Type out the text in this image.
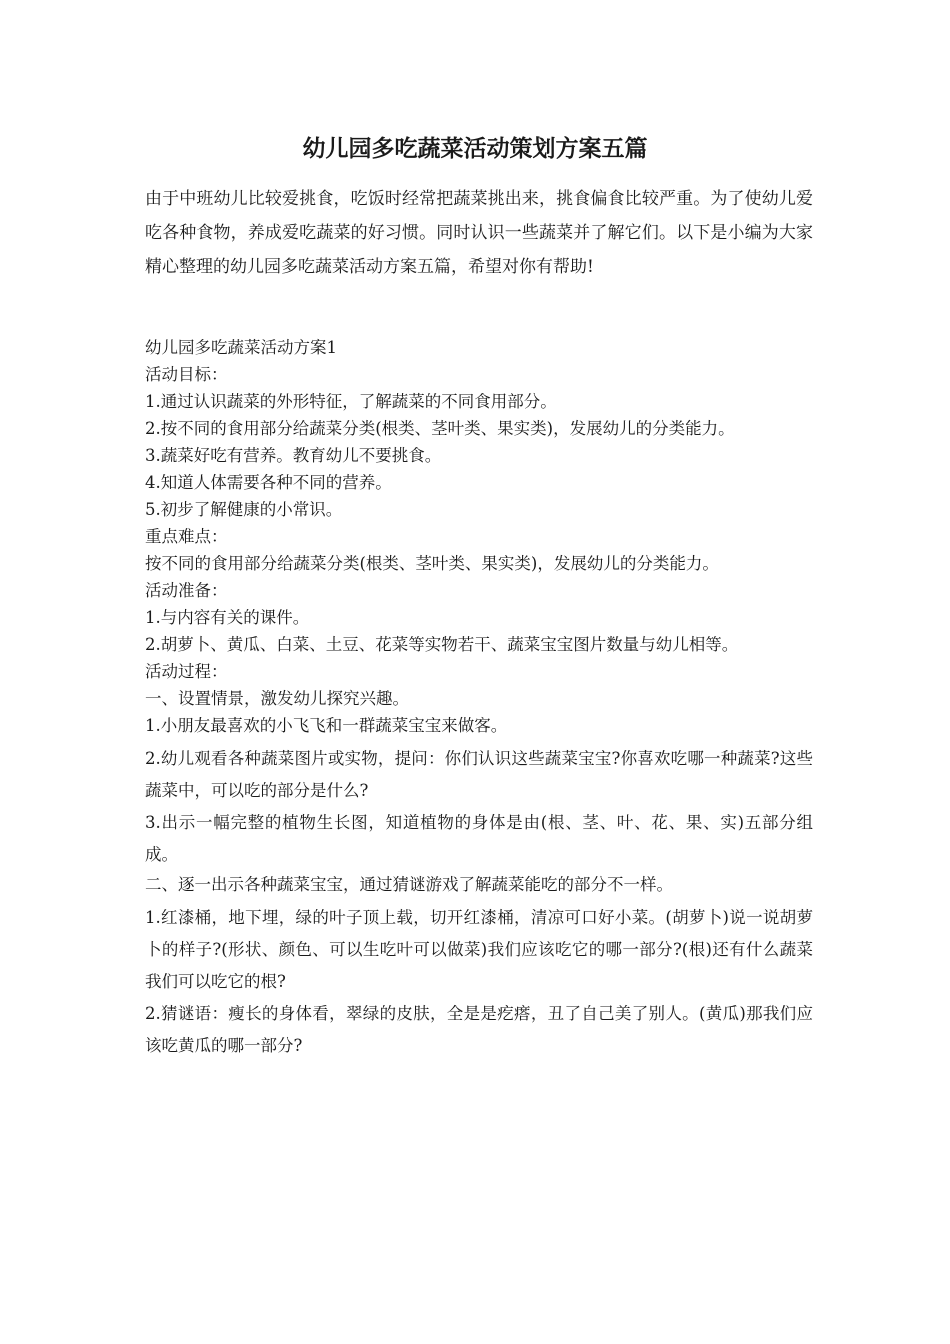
幼儿园多吃蔬菜活动策划方案五篇
由于中班幼儿比较爱挑食，吃饭时经常把蔬菜挑出来，挑食偏食比较严重。为了使幼儿爱吃各种食物，养成爱吃蔬菜的好习惯。同时认识一些蔬菜并了解它们。以下是小编为大家精心整理的幼儿园多吃蔬菜活动方案五篇，希望对你有帮助!
幼儿园多吃蔬菜活动方案1
活动目标：
1.通过认识蔬菜的外形特征，了解蔬菜的不同食用部分。
2.按不同的食用部分给蔬菜分类(根类、茎叶类、果实类)，发展幼儿的分类能力。
3.蔬菜好吃有营养。教育幼儿不要挑食。
4.知道人体需要各种不同的营养。
5.初步了解健康的小常识。
重点难点：
按不同的食用部分给蔬菜分类(根类、茎叶类、果实类)，发展幼儿的分类能力。
活动准备：
1.与内容有关的课件。
2.胡萝卜、黄瓜、白菜、土豆、花菜等实物若干、蔬菜宝宝图片数量与幼儿相等。
活动过程：
一、设置情景，激发幼儿探究兴趣。
1.小朋友最喜欢的小飞飞和一群蔬菜宝宝来做客。
2.幼儿观看各种蔬菜图片或实物，提问：你们认识这些蔬菜宝宝?你喜欢吃哪一种蔬菜?这些蔬菜中，可以吃的部分是什么?
3.出示一幅完整的植物生长图，知道植物的身体是由(根、茎、叶、花、果、实)五部分组成。
二、逐一出示各种蔬菜宝宝，通过猜谜游戏了解蔬菜能吃的部分不一样。
1.红漆桶，地下埋，绿的叶子顶上载，切开红漆桶，清凉可口好小菜。(胡萝卜)说一说胡萝卜的样子?(形状、颜色、可以生吃叶可以做菜)我们应该吃它的哪一部分?(根)还有什么蔬菜我们可以吃它的根?
2.猜谜语：瘦长的身体看，翠绿的皮肤，全是是疙瘩，丑了自己美了别人。(黄瓜)那我们应该吃黄瓜的哪一部分?
